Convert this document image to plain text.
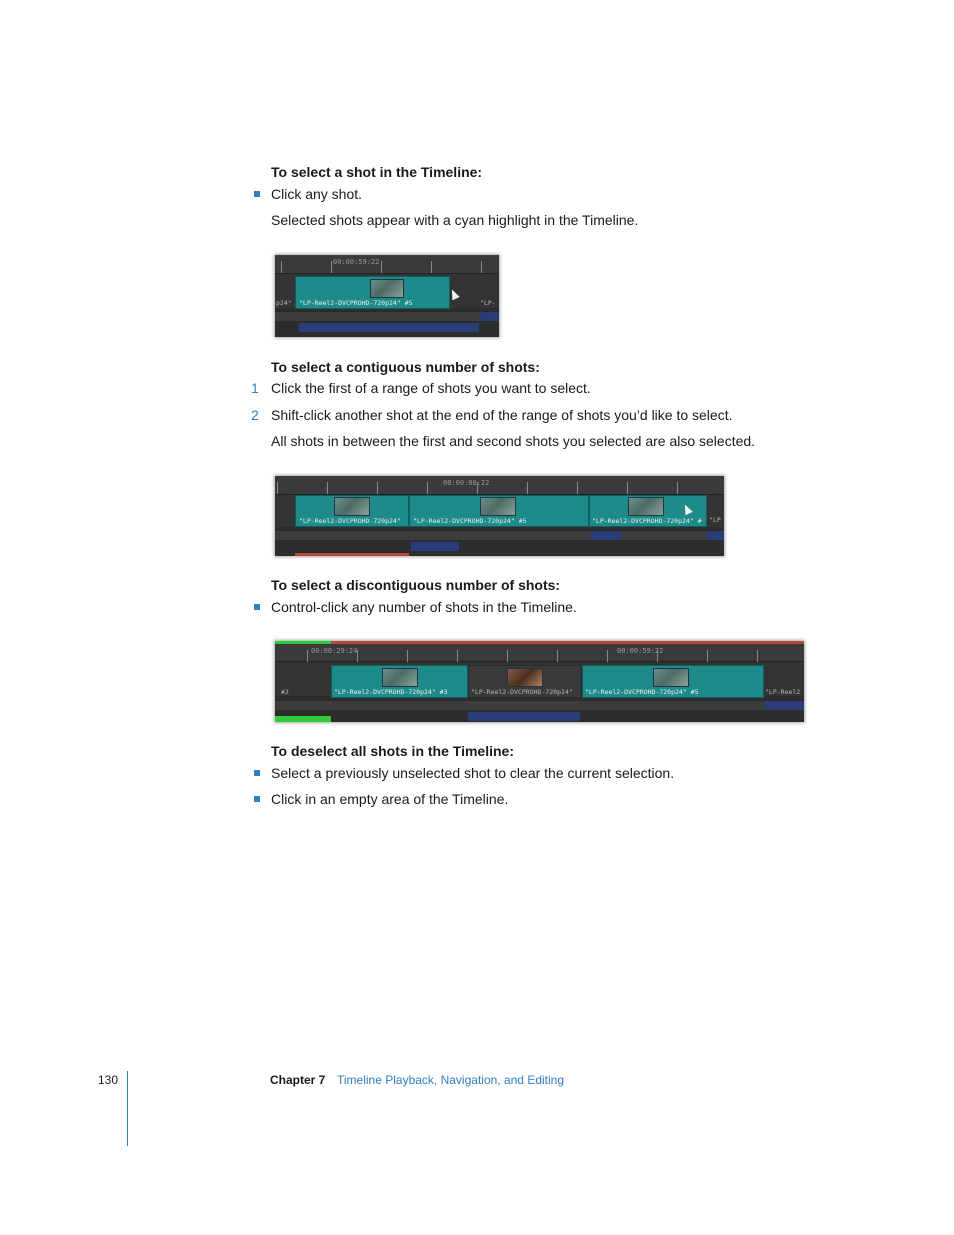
To select a shot in the Timeline:
Click any shot.
Selected shots appear with a cyan highlight in the Timeline.
00:00:59:22
p24" "LP-Reel2-DVCPROHD-720p24" #5	"LP-
To select a contiguous number of shots:
1 Click the first of a range of shots you want to select.
2 Shift-click another shot at the end of the range of shots you’d like to select.
All shots in between the first and second shots you selected are also selected.
00:00:00:22
"LP-Reel2-DVCPROHD-720p24" "LP-Reel2-DVCPROHD-720p24" #5	"LP-Reel2-DVCPROHD-720p24" # "LP
To select a discontiguous number of shots:
Control-click any number of shots in the Timeline.
00:00:29:24	00:00:59:22
#2	"LP-Reel2-DVCPROHD-720p24" #3	"LP-Reel2-DVCPROHD-720p24" "LP-Reel2-DVCPROHD-720p24" #5	"LP-Reel2
To deselect all shots in the Timeline:
Select a previously unselected shot to clear the current selection.
Click in an empty area of the Timeline.
130	Chapter 7 Timeline Playback, Navigation, and Editing
